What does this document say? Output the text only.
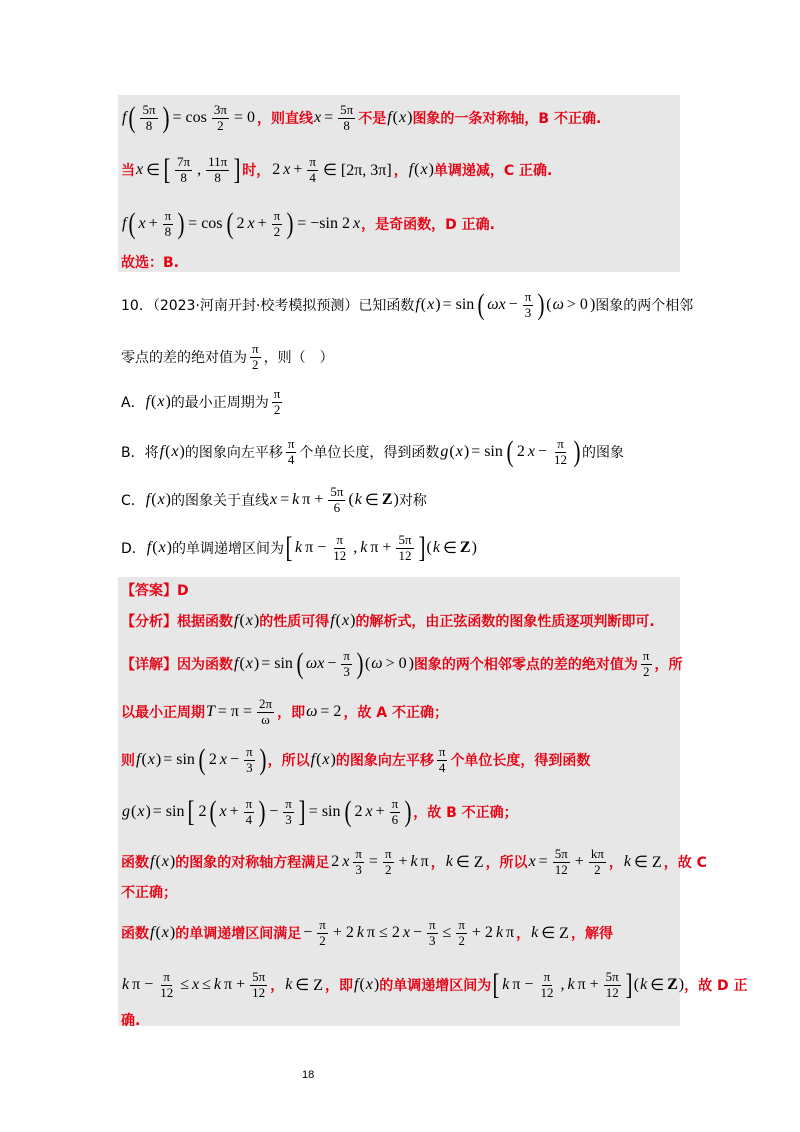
f ( $\frac{5\pi}{8}$ ) = $\cos \frac{3\pi}{2} = 0$ ，则直线 $x = \frac{5\pi}{8}$ 不是 f ( x ) 图象的一条对称轴，B 不正确.
当 x ∈ [ $\frac{7\pi}{8}$ , $\frac{11\pi}{8}$ ] 时， 2 $x + \frac{\pi}{4}$ ∈ [2π, 3π] ， f ( x ) 单调递减，C 正确.
f ( $x + \frac{\pi}{8}$ ) = cos ( 2 $x + \frac{\pi}{2}$ ) = −sin 2 x ，是奇函数，D 正确.
故选：B.
10．（2023·河南开封·校考模拟预测）已知函数 f ( x ) = sin ( $\omega x - \frac{\pi}{3}$ ) ( ω > 0 ) 图象的两个相邻
零点的差的绝对值为 $\frac{\pi}{2}$ ，则（　）
A． f ( x ) 的最小正周期为 $\frac{\pi}{2}$
B．将 f ( x ) 的图象向左平移 $\frac{\pi}{4}$ 个单位长度，得到函数 g ( x ) = sin ( 2 $x - \frac{\pi}{12}$ ) 的图象
C． f ( x ) 的图象关于直线 x = k $\pi + \frac{5\pi}{6}$ ( k ∈ Z ) 对称
D． f ( x ) 的单调递增区间为 [ k $\pi - \frac{\pi}{12}$ , k $\pi + \frac{5\pi}{12}$ ] ( k ∈ Z )
【答案】D
【分析】根据函数 f ( x ) 的性质可得 f ( x ) 的解析式，由正弦函数的图象性质逐项判断即可.
【详解】因为函数 f ( x ) = sin ( $\omega x - \frac{\pi}{3}$ ) ( ω > 0 ) 图象的两个相邻零点的差的绝对值为 $\frac{\pi}{2}$ ，所
以最小正周期 $T = \pi = \frac{2\pi}{\omega}$ ，即 ω = 2 ，故 A 不正确；
则 f ( x ) = sin ( 2 $x - \frac{\pi}{3}$ ) ，所以 f ( x ) 的图象向左平移 $\frac{\pi}{4}$ 个单位长度，得到函数
g ( x ) = sin [ 2 ( $x + \frac{\pi}{4}$ ) − $\frac{\pi}{3}$ ] = sin ( 2 $x + \frac{\pi}{6}$ ) ，故 B 不正确；
函数 f ( x ) 的图象的对称轴方程满足 2 x $\frac{\pi}{3} = \frac{\pi}{2} + k$ π ， k ∈ Z ，所以 $x = \frac{5\pi}{12} + \frac{k\pi}{2}$ ， k ∈ Z ，故 C
不正确；
函数 f ( x ) 的单调递增区间满足 − $\frac{\pi}{2} + 2$ k π ≤ 2 $x - \frac{\pi}{3} \le \frac{\pi}{2} + 2$ k π ， k ∈ Z ，解得
k $\pi - \frac{\pi}{12} \le x \le k$ $\pi + \frac{5\pi}{12}$ ， k ∈ Z ，即 f ( x ) 的单调递增区间为 [ k $\pi - \frac{\pi}{12}$ , k $\pi + \frac{5\pi}{12}$ ] ( k ∈ Z ) ，故 D 正
确.
18
